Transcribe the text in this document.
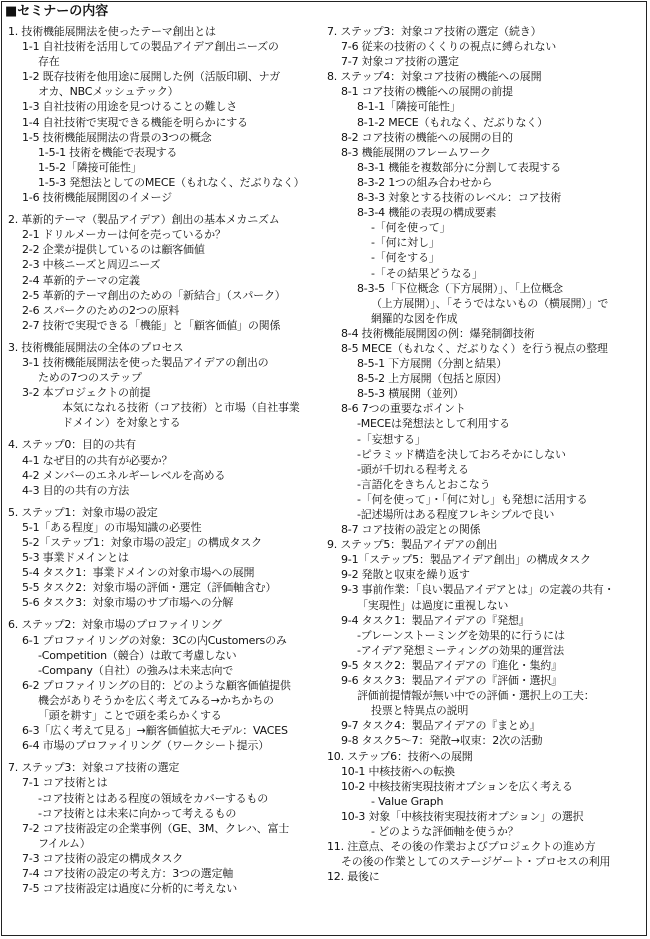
■セミナーの内容
1. 技術機能展開法を使ったテーマ創出とは
1-1 自社技術を活用しての製品アイデア創出ニーズの
存在
1-2 既存技術を他用途に展開した例（活版印刷、ナガ
オカ、NBCメッシュテック）
1-3 自社技術の用途を見つけることの難しさ
1-4 自社技術で実現できる機能を明らかにする
1-5 技術機能展開法の背景の3つの概念
1-5-1 技術を機能で表現する
1-5-2「隣接可能性」
1-5-3 発想法としてのMECE（もれなく、だぶりなく）
1-6 技術機能展開図のイメージ
2. 革新的テーマ（製品アイデア）創出の基本メカニズム
2-1 ドリルメーカーは何を売っているか？
2-2 企業が提供しているのは顧客価値
2-3 中核ニーズと周辺ニーズ
2-4 革新的テーマの定義
2-5 革新的テーマ創出のための「新結合」（スパーク）
2-6 スパークのための2つの原料
2-7 技術で実現できる「機能」と「顧客価値」の関係
3. 技術機能展開法の全体のプロセス
3-1 技術機能展開法を使った製品アイデアの創出の
ための7つのステップ
3-2 本プロジェクトの前提
本気になれる技術（コア技術）と市場（自社事業
ドメイン）を対象とする
4. ステップ0：目的の共有
4-1 なぜ目的の共有が必要か？
4-2 メンバーのエネルギーレベルを高める
4-3 目的の共有の方法
5. ステップ1：対象市場の設定
5-1「ある程度」の市場知識の必要性
5-2「ステップ1：対象市場の設定」の構成タスク
5-3 事業ドメインとは
5-4 タスク1：事業ドメインの対象市場への展開
5-5 タスク2：対象市場の評価・選定（評価軸含む）
5-6 タスク3：対象市場のサブ市場への分解
6. ステップ2：対象市場のプロファイリング
6-1 プロファイリングの対象：3Cの内Customersのみ
-Competition（競合）は敢て考慮しない
-Company（自社）の強みは未来志向で
6-2 プロファイリングの目的：どのような顧客価値提供
機会がありそうかを広く考えてみる→かちかちの
「頭を耕す」ことで頭を柔らかくする
6-3「広く考えて見る」→顧客価値拡大モデル：VACES
6-4 市場のプロファイリング（ワークシート提示）
7. ステップ3：対象コア技術の選定
7-1 コア技術とは
-コア技術とはある程度の領域をカバーするもの
-コア技術とは未来に向かって考えるもの
7-2 コア技術設定の企業事例（GE、3M、クレハ、富士
フイルム）
7-3 コア技術の設定の構成タスク
7-4 コア技術の設定の考え方：3つの選定軸
7-5 コア技術設定は過度に分析的に考えない
7. ステップ3：対象コア技術の選定（続き）
7-6 従来の技術のくくりの視点に縛られない
7-7 対象コア技術の選定
8. ステップ4：対象コア技術の機能への展開
8-1 コア技術の機能への展開の前提
8-1-1「隣接可能性」
8-1-2 MECE（もれなく、だぶりなく）
8-2 コア技術の機能への展開の目的
8-3 機能展開のフレームワーク
8-3-1 機能を複数部分に分割して表現する
8-3-2 1つの組み合わせから
8-3-3 対象とする技術のレベル：コア技術
8-3-4 機能の表現の構成要素
-「何を使って」
-「何に対し」
-「何をする」
-「その結果どうなる」
8-3-5「下位概念（下方展開）」、「上位概念
（上方展開）」、「そうではないもの（横展開）」で
網羅的な図を作成
8-4 技術機能展開図の例：爆発制御技術
8-5 MECE（もれなく、だぶりなく）を行う視点の整理
8-5-1 下方展開（分割と結果）
8-5-2 上方展開（包括と原因）
8-5-3 横展開（並列）
8-6 7つの重要なポイント
-MECEは発想法として利用する
-「妄想する」
-ピラミッド構造を決しておろそかにしない
-頭が千切れる程考える
-言語化をきちんとおこなう
-「何を使って」・「何に対し」も発想に活用する
-記述場所はある程度フレキシブルで良い
8-7 コア技術の設定との関係
9. ステップ5：製品アイデアの創出
9-1「ステップ5：製品アイデア創出」の構成タスク
9-2 発散と収束を繰り返す
9-3 事前作業：「良い製品アイデアとは」の定義の共有・
「実現性」は過度に重視しない
9-4 タスク1：製品アイデアの『発想』
-ブレーンストーミングを効果的に行うには
-アイデア発想ミーティングの効果的運営法
9-5 タスク2：製品アイデアの『進化・集約』
9-6 タスク3：製品アイデアの『評価・選択』
評価前提情報が無い中での評価・選択上の工夫：
投票と特異点の説明
9-7 タスク4：製品アイデアの『まとめ』
9-8 タスク5～7：発散→収束：2次の活動
10. ステップ6：技術への展開
10-1 中核技術への転換
10-2 中核技術実現技術オプションを広く考える
- Value Graph
10-3 対象「中核技術実現技術オプション」の選択
- どのような評価軸を使うか？
11. 注意点、その後の作業およびプロジェクトの進め方
その後の作業としてのステージゲート・プロセスの利用
12. 最後に
